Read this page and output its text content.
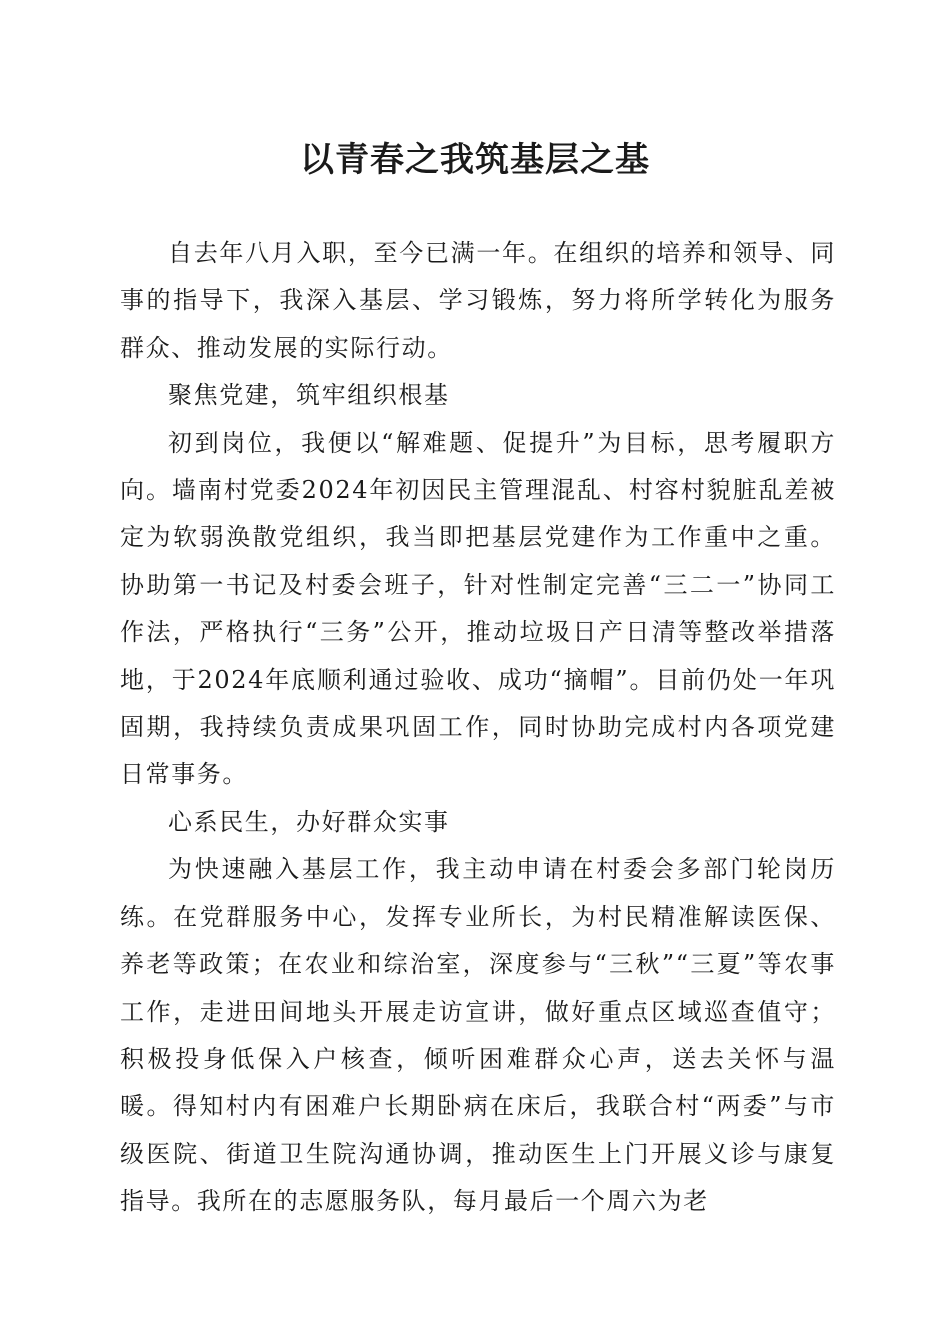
以青春之我筑基层之基

自去年八月入职，至今已满一年。在组织的培养和领导、同事的指导下，我深入基层、学习锻炼，努力将所学转化为服务群众、推动发展的实际行动。

聚焦党建，筑牢组织根基

初到岗位，我便以“解难题、促提升”为目标，思考履职方向。墙南村党委2024年初因民主管理混乱、村容村貌脏乱差被定为软弱涣散党组织，我当即把基层党建作为工作重中之重。协助第一书记及村委会班子，针对性制定完善“三二一”协同工作法，严格执行“三务”公开，推动垃圾日产日清等整改举措落地，于2024年底顺利通过验收、成功“摘帽”。目前仍处一年巩固期，我持续负责成果巩固工作，同时协助完成村内各项党建日常事务。

心系民生，办好群众实事

为快速融入基层工作，我主动申请在村委会多部门轮岗历练。在党群服务中心，发挥专业所长，为村民精准解读医保、养老等政策；在农业和综治室，深度参与“三秋”“三夏”等农事工作，走进田间地头开展走访宣讲，做好重点区域巡查值守；积极投身低保入户核查，倾听困难群众心声，送去关怀与温暖。得知村内有困难户长期卧病在床后，我联合村“两委”与市级医院、街道卫生院沟通协调，推动医生上门开展义诊与康复指导。我所在的志愿服务队，每月最后一个周六为老
